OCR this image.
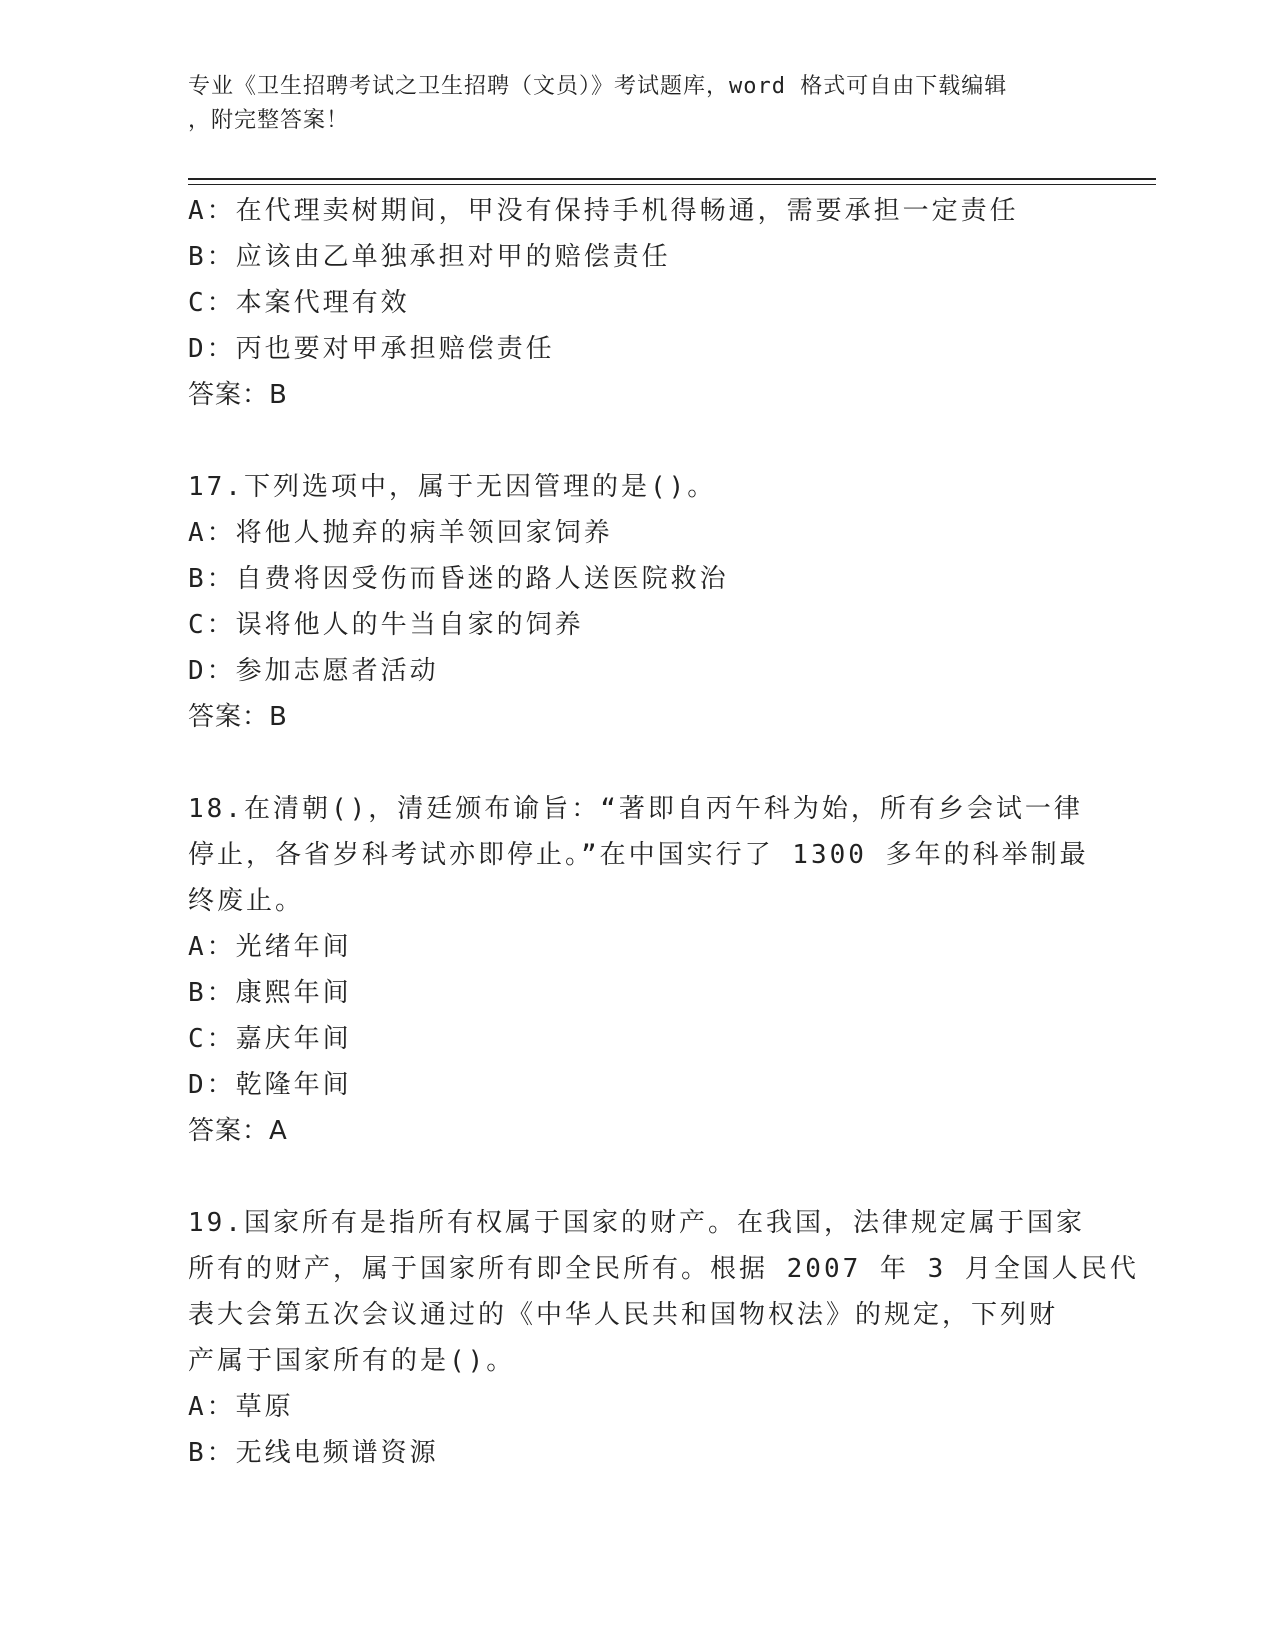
专业《卫生招聘考试之卫生招聘（文员）》考试题库，word 格式可自由下载编辑
，附完整答案！
A：在代理卖树期间，甲没有保持手机得畅通，需要承担一定责任
B：应该由乙单独承担对甲的赔偿责任
C：本案代理有效
D：丙也要对甲承担赔偿责任
答案：B
17.下列选项中，属于无因管理的是()。
A：将他人抛弃的病羊领回家饲养
B：自费将因受伤而昏迷的路人送医院救治
C：误将他人的牛当自家的饲养
D：参加志愿者活动
答案：B
18.在清朝()，清廷颁布谕旨：“著即自丙午科为始，所有乡会试一律
停止，各省岁科考试亦即停止。”在中国实行了 1300 多年的科举制最
终废止。
A：光绪年间
B：康熙年间
C：嘉庆年间
D：乾隆年间
答案：A
19.国家所有是指所有权属于国家的财产。在我国，法律规定属于国家
所有的财产，属于国家所有即全民所有。根据 2007 年 3 月全国人民代
表大会第五次会议通过的《中华人民共和国物权法》的规定，下列财
产属于国家所有的是()。
A：草原
B：无线电频谱资源
